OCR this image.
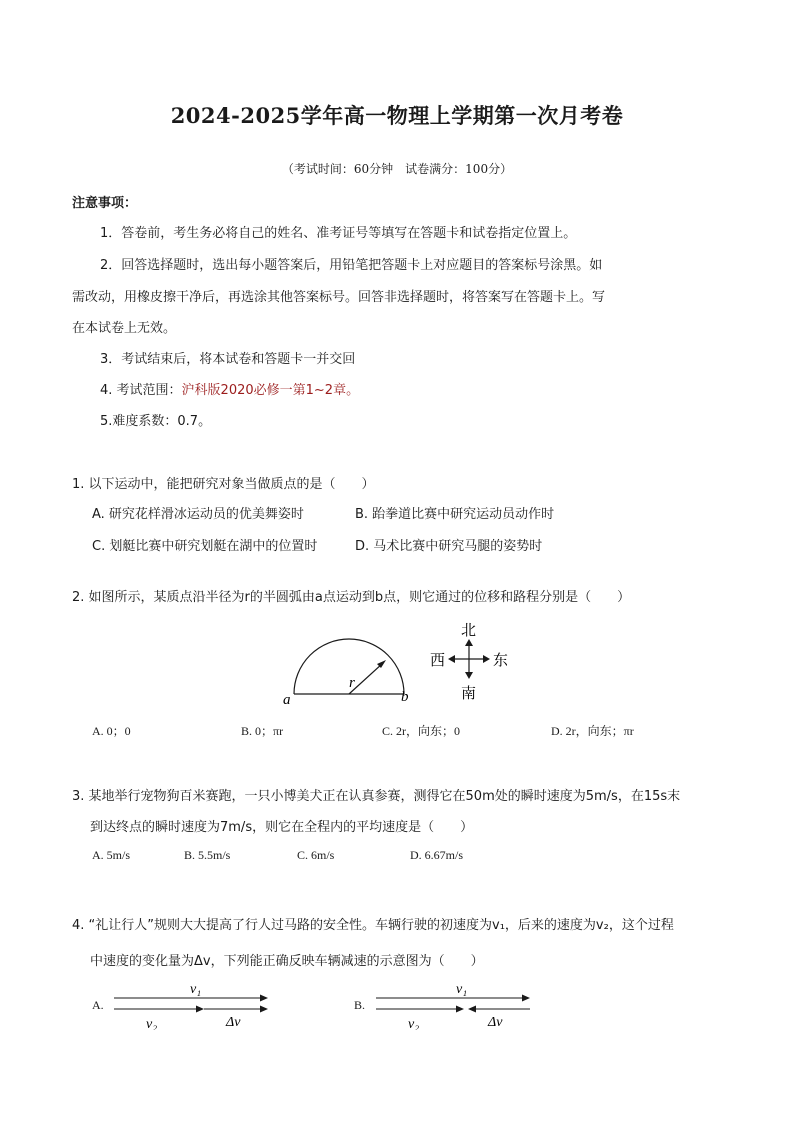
2024-2025学年高一物理上学期第一次月考卷
（考试时间：60分钟　试卷满分：100分）
注意事项：
1．答卷前，考生务必将自己的姓名、准考证号等填写在答题卡和试卷指定位置上。
2．回答选择题时，选出每小题答案后，用铅笔把答题卡上对应题目的答案标号涂黑。如
需改动，用橡皮擦干净后，再选涂其他答案标号。回答非选择题时，将答案写在答题卡上。写
在本试卷上无效。
3．考试结束后，将本试卷和答题卡一并交回
4. 考试范围：沪科版2020必修一第1~2章。
5.难度系数：0.7。
1. 以下运动中，能把研究对象当做质点的是（　　）
A. 研究花样滑冰运动员的优美舞姿时	B. 跆拳道比赛中研究运动员动作时
C. 划艇比赛中研究划艇在湖中的位置时	D. 马术比赛中研究马腿的姿势时
2. 如图所示，某质点沿半径为r的半圆弧由a点运动到b点，则它通过的位移和路程分别是（　　）
r
a	b
北
南
西	东
A. 0；0	B. 0；πr	C. 2r，向东；0	D. 2r，向东；πr
3. 某地举行宠物狗百米赛跑，一只小博美犬正在认真参赛，测得它在50m处的瞬时速度为5m/s，在15s末
到达终点的瞬时速度为7m/s，则它在全程内的平均速度是（　　）
A. 5m/s	B. 5.5m/s	C. 6m/s	D. 6.67m/s
4. “礼让行人”规则大大提高了行人过马路的安全性。车辆行驶的初速度为v₁，后来的速度为v₂，这个过程
中速度的变化量为Δv，下列能正确反映车辆减速的示意图为（　　）
A.
v₁
v₂	Δv
B.
v₁
v₂	Δv
